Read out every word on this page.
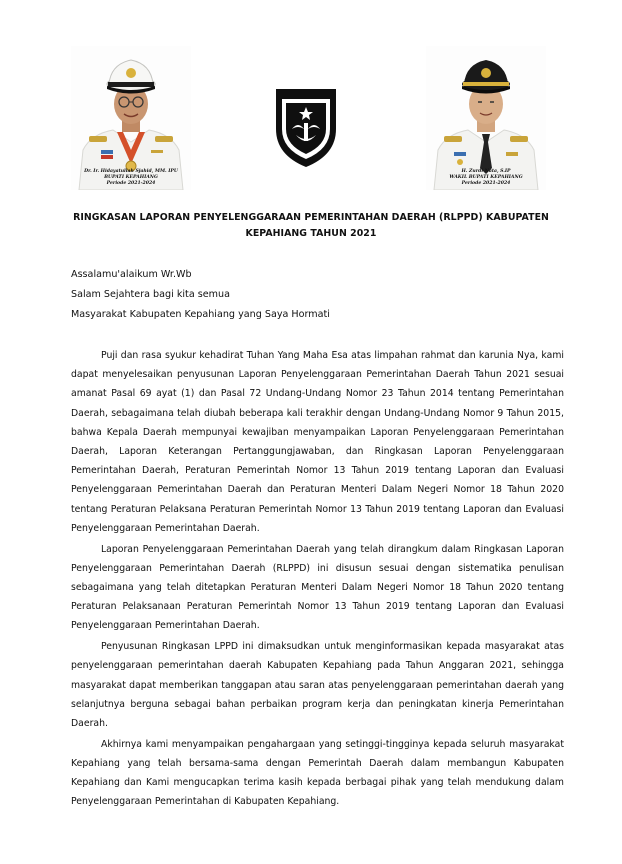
Dr. Ir. Hidayatullah Sjahid, MM. IPU
BUPATI KEPAHIANG
Periode 2021-2024
H. Zurdi Nata, S.IP
WAKIL BUPATI KEPAHIANG
Periode 2021-2024
RINGKASAN LAPORAN PENYELENGGARAAN PEMERINTAHAN DAERAH (RLPPD) KABUPATEN
KEPAHIANG TAHUN 2021
Assalamu'alaikum Wr.Wb
Salam Sejahtera bagi kita semua
Masyarakat Kabupaten Kepahiang yang Saya Hormati

Puji dan rasa syukur kehadirat Tuhan Yang Maha Esa atas limpahan rahmat dan karunia Nya, kami dapat menyelesaikan penyusunan Laporan Penyelenggaraan Pemerintahan Daerah Tahun 2021 sesuai amanat Pasal 69 ayat (1) dan Pasal 72 Undang-Undang Nomor 23 Tahun 2014 tentang Pemerintahan Daerah, sebagaimana telah diubah beberapa kali terakhir dengan Undang-Undang Nomor 9 Tahun 2015, bahwa Kepala Daerah mempunyai kewajiban menyampaikan Laporan Penyelenggaraan Pemerintahan Daerah, Laporan Keterangan Pertanggungjawaban, dan Ringkasan Laporan Penyelenggaraan Pemerintahan Daerah, Peraturan Pemerintah Nomor 13 Tahun 2019 tentang Laporan dan Evaluasi Penyelenggaraan Pemerintahan Daerah dan Peraturan Menteri Dalam Negeri Nomor 18 Tahun 2020 tentang Peraturan Pelaksana Peraturan Pemerintah Nomor 13 Tahun 2019 tentang Laporan dan Evaluasi Penyelenggaraan Pemerintahan Daerah.

Laporan Penyelenggaraan Pemerintahan Daerah yang telah dirangkum dalam Ringkasan Laporan Penyelenggaraan Pemerintahan Daerah (RLPPD) ini disusun sesuai dengan sistematika penulisan sebagaimana yang telah ditetapkan Peraturan Menteri Dalam Negeri Nomor 18 Tahun 2020 tentang Peraturan Pelaksanaan Peraturan Pemerintah Nomor 13 Tahun 2019 tentang Laporan dan Evaluasi Penyelenggaraan Pemerintahan Daerah.

Penyusunan Ringkasan LPPD ini dimaksudkan untuk menginformasikan kepada masyarakat atas penyelenggaraan pemerintahan daerah Kabupaten Kepahiang pada Tahun Anggaran 2021, sehingga masyarakat dapat memberikan tanggapan atau saran atas penyelenggaraan pemerintahan daerah yang selanjutnya berguna sebagai bahan perbaikan program kerja dan peningkatan kinerja Pemerintahan Daerah.

Akhirnya kami menyampaikan pengahargaan yang setinggi-tingginya kepada seluruh masyarakat Kepahiang yang telah bersama-sama dengan Pemerintah Daerah dalam membangun Kabupaten Kepahiang dan Kami mengucapkan terima kasih kepada berbagai pihak yang telah mendukung dalam Penyelenggaraan Pemerintahan di Kabupaten Kepahiang.
